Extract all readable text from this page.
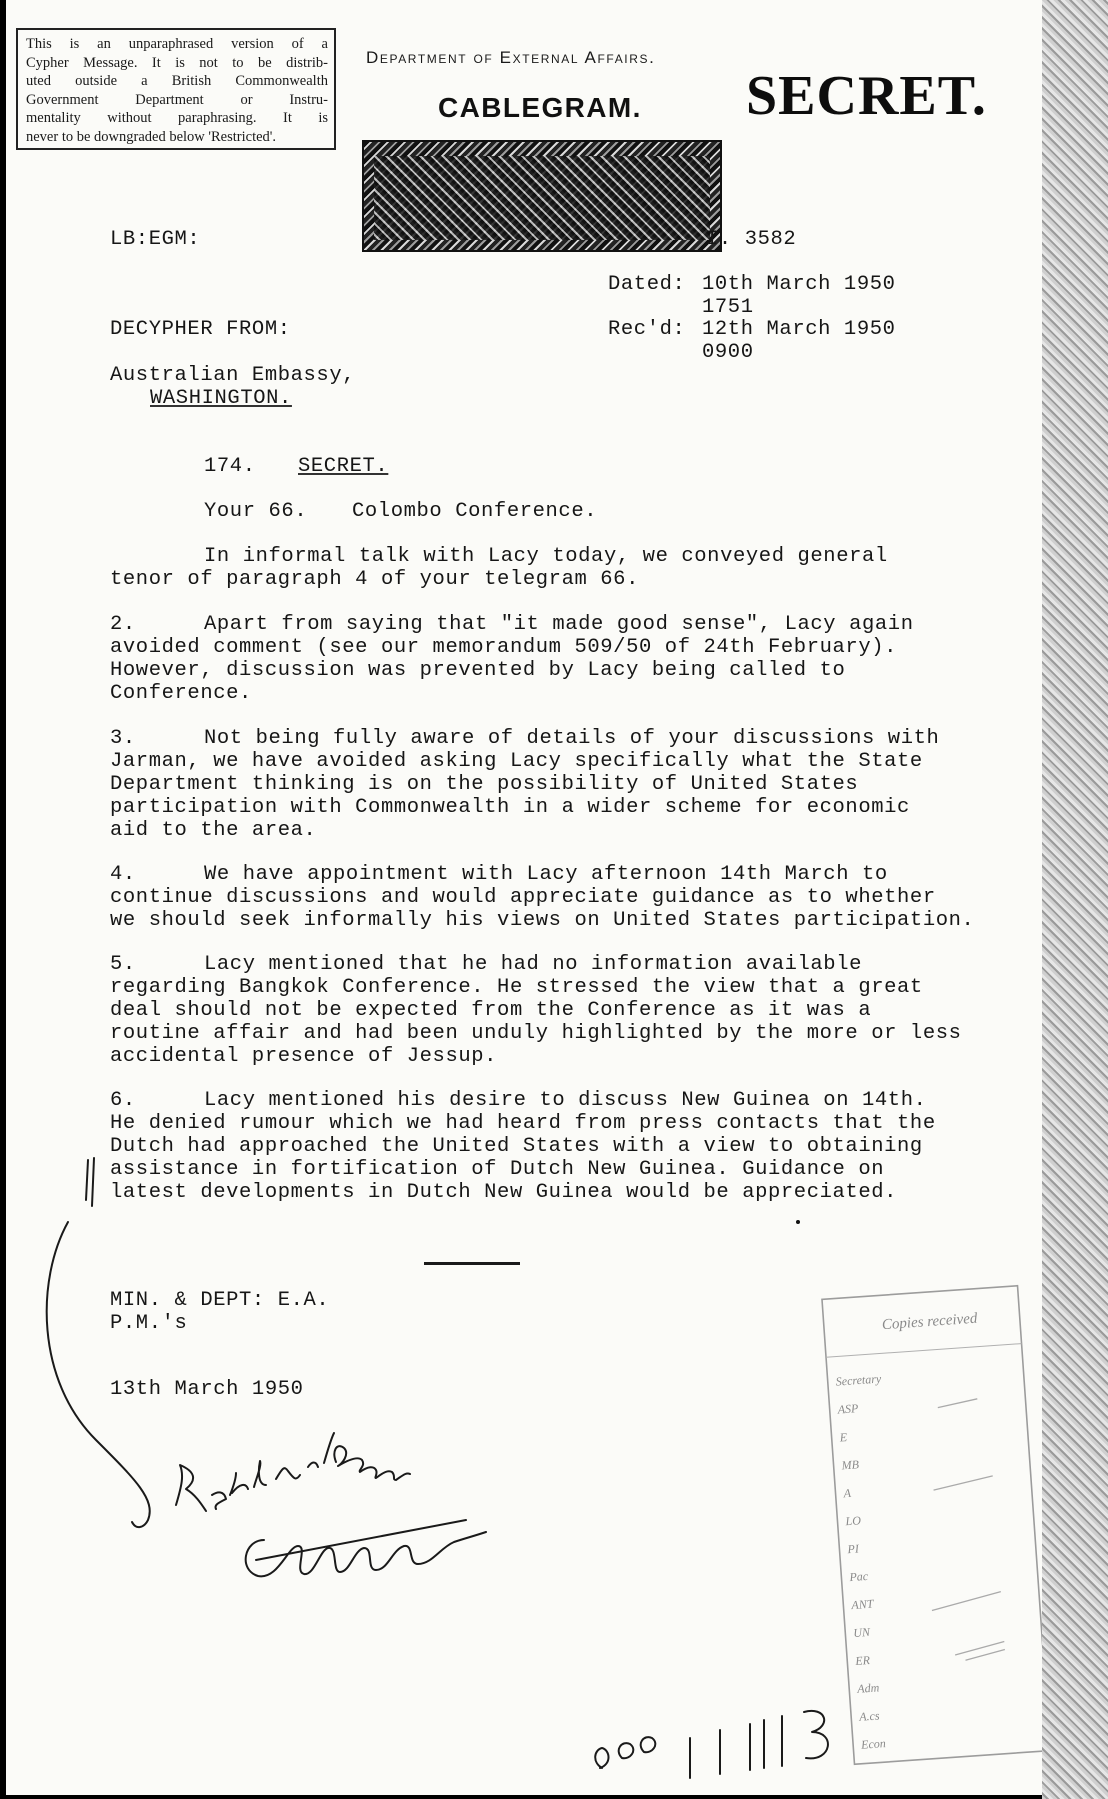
This is an unparaphrased version of a
Cypher Message. It is not to be distrib-
uted outside a British Commonwealth
Government Department or Instru-
mentality without paraphrasing. It is
never to be downgraded below 'Restricted'.
Department of External Affairs.
CABLEGRAM. SECRET.
LB:EGM:	I. 3582
Dated: 10th March 1950
1751
Rec'd: 12th March 1950
0900
DECYPHER FROM:
Australian Embassy,
WASHINGTON.
174. SECRET.
Your 66. Colombo Conference.
In informal talk with Lacy today, we conveyed general
tenor of paragraph 4 of your telegram 66.
2.	Apart from saying that "it made good sense", Lacy again
avoided comment (see our memorandum 509/50 of 24th February).
However, discussion was prevented by Lacy being called to
Conference.
3.	Not being fully aware of details of your discussions with
Jarman, we have avoided asking Lacy specifically what the State
Department thinking is on the possibility of United States
participation with Commonwealth in a wider scheme for economic
aid to the area.
4.	We have appointment with Lacy afternoon 14th March to
continue discussions and would appreciate guidance as to whether
we should seek informally his views on United States participation.
5.	Lacy mentioned that he had no information available
regarding Bangkok Conference. He stressed the view that a great
deal should not be expected from the Conference as it was a
routine affair and had been unduly highlighted by the more or less
accidental presence of Jessup.
6.	Lacy mentioned his desire to discuss New Guinea on 14th.
He denied rumour which we had heard from press contacts that the
Dutch had approached the United States with a view to obtaining
assistance in fortification of Dutch New Guinea. Guidance on
latest developments in Dutch New Guinea would be appreciated.
MIN. & DEPT: E.A.
P.M.'s
13th March 1950
Copies received
Secretary
ASP
E
MB
A
LO
PI
Pac
ANT
UN
ER
Adm
A.cs
Econ
